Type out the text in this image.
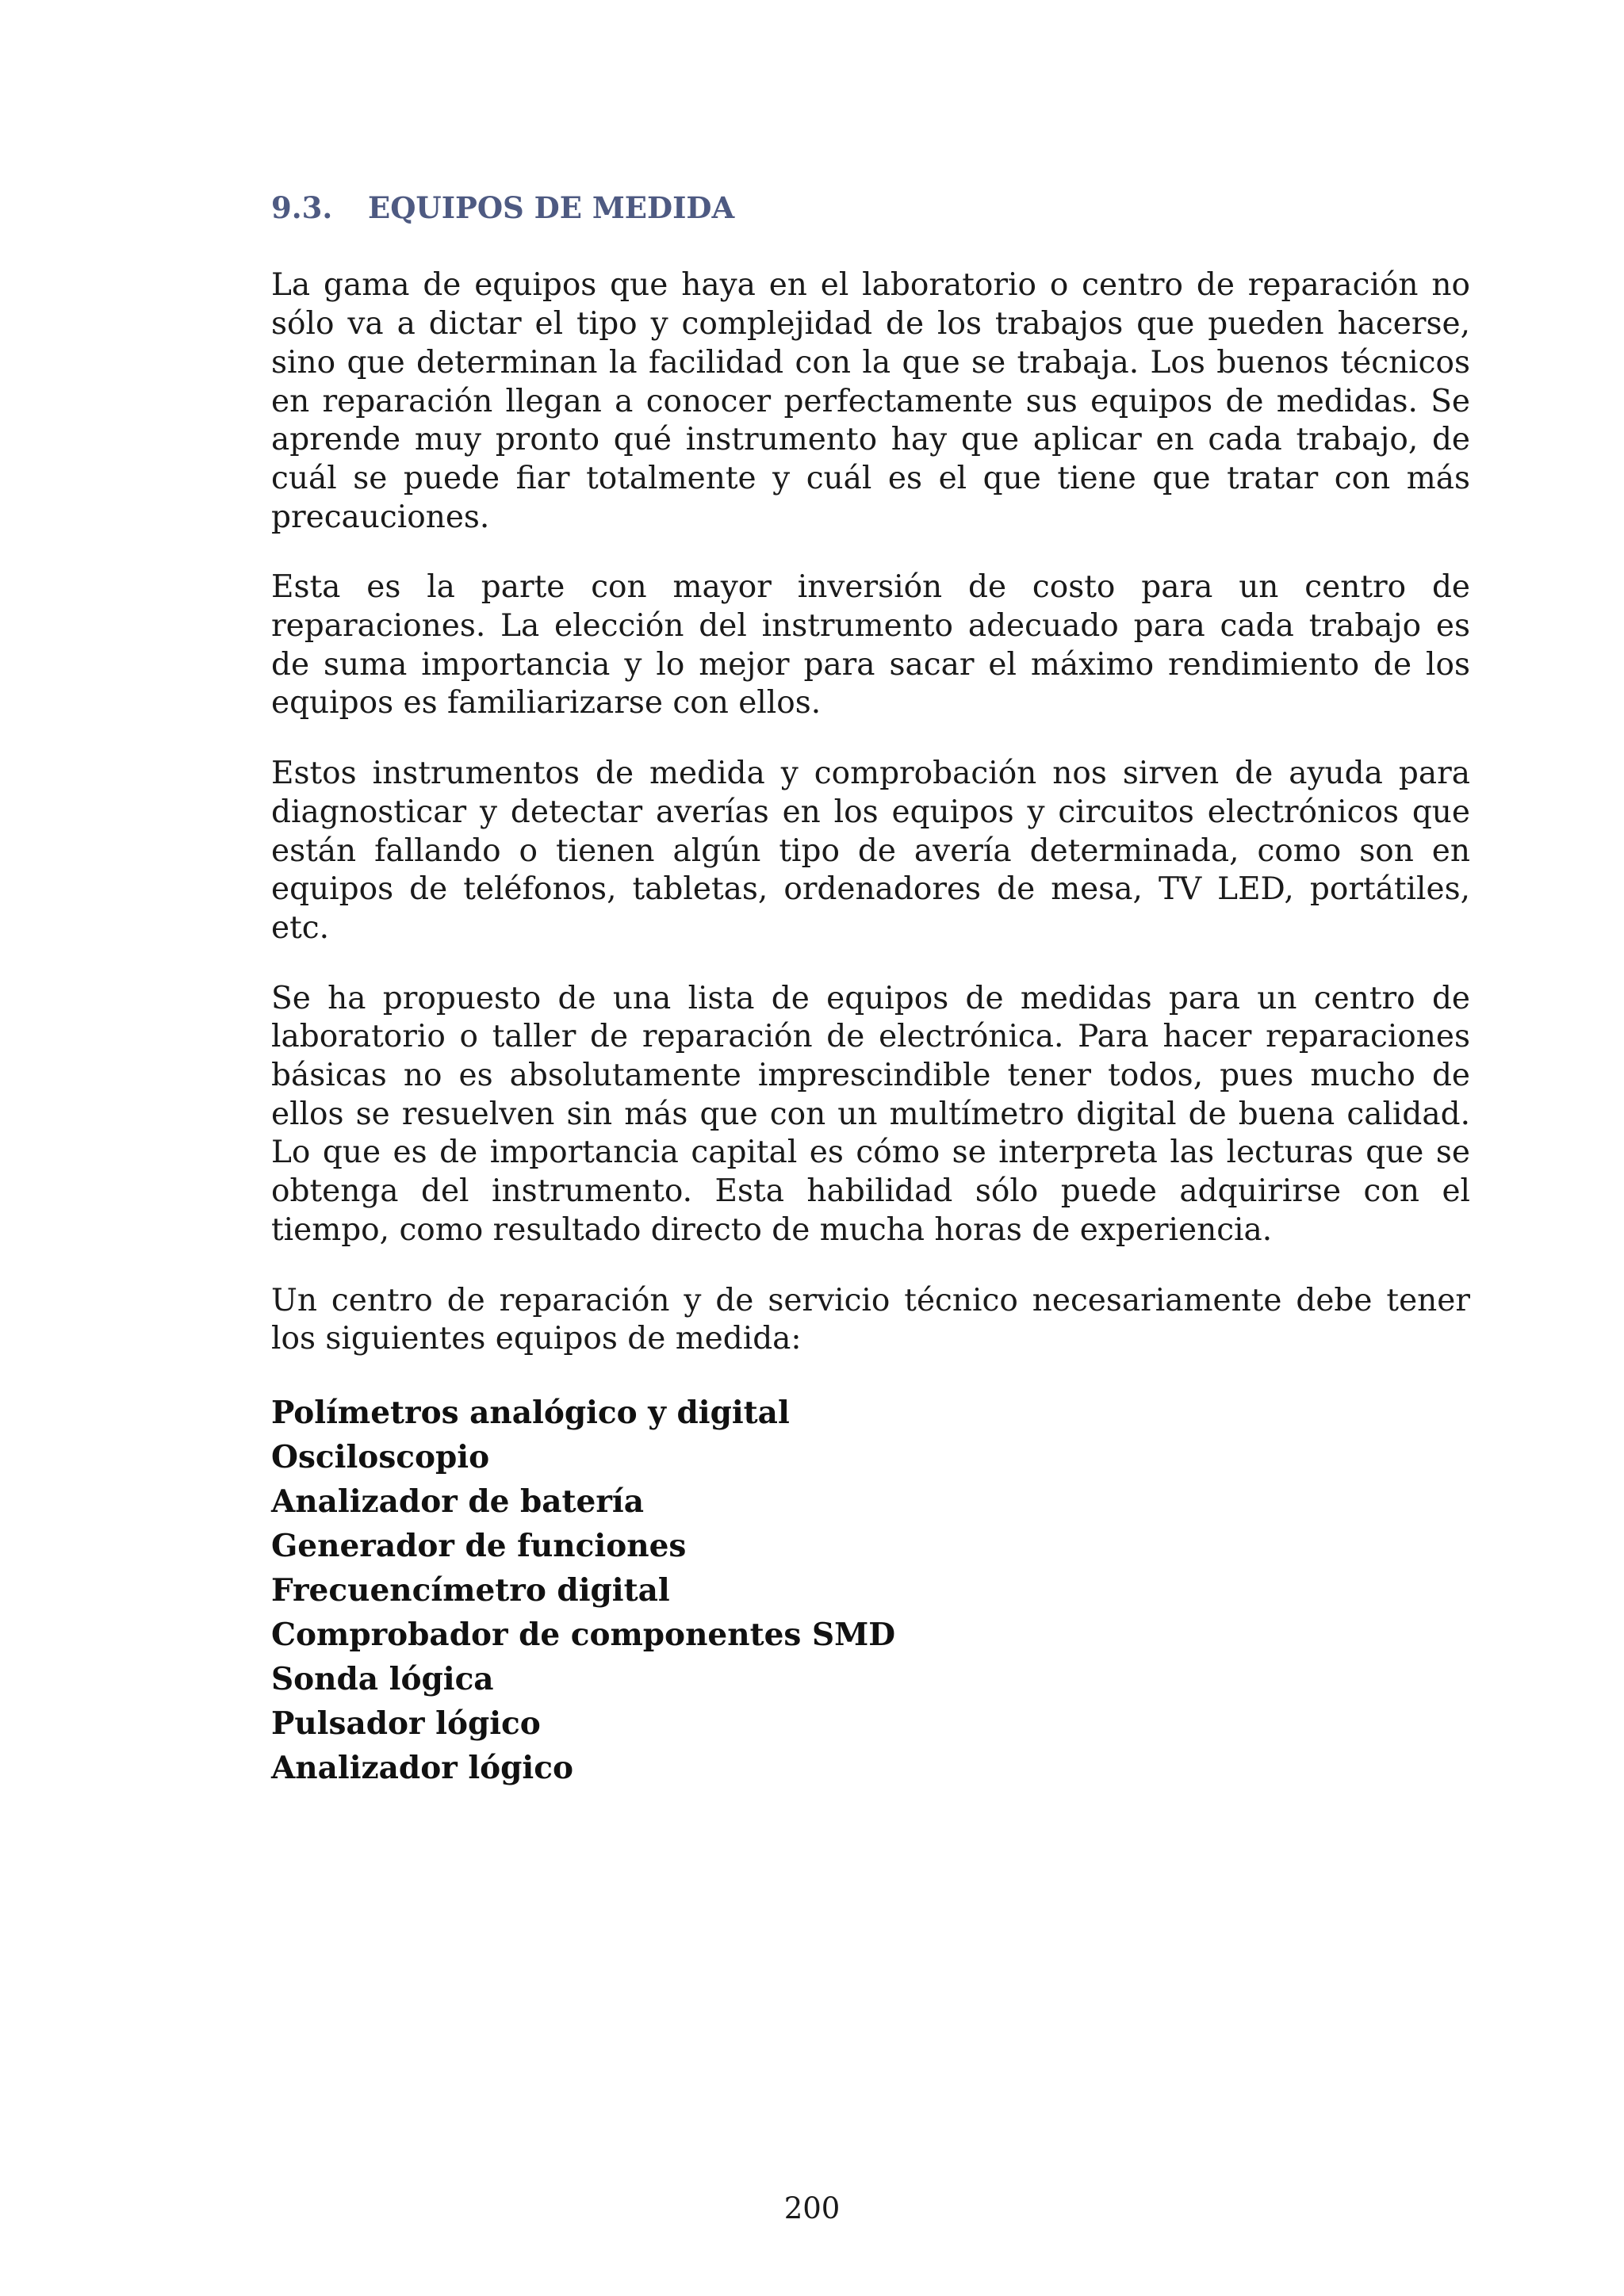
9.3. EQUIPOS DE MEDIDA

La gama de equipos que haya en el laboratorio o centro de reparación no sólo va a dictar el tipo y complejidad de los trabajos que pueden hacerse, sino que determinan la facilidad con la que se trabaja. Los buenos técnicos en reparación llegan a conocer perfectamente sus equipos de medidas. Se aprende muy pronto qué instrumento hay que aplicar en cada trabajo, de cuál se puede fiar totalmente y cuál es el que tiene que tratar con más precauciones.

Esta es la parte con mayor inversión de costo para un centro de reparaciones. La elección del instrumento adecuado para cada trabajo es de suma importancia y lo mejor para sacar el máximo rendimiento de los equipos es familiarizarse con ellos.

Estos instrumentos de medida y comprobación nos sirven de ayuda para diagnosticar y detectar averías en los equipos y circuitos electrónicos que están fallando o tienen algún tipo de avería determinada, como son en equipos de teléfonos, tabletas, ordenadores de mesa, TV LED, portátiles, etc.

Se ha propuesto de una lista de equipos de medidas para un centro de laboratorio o taller de reparación de electrónica. Para hacer reparaciones básicas no es absolutamente imprescindible tener todos, pues mucho de ellos se resuelven sin más que con un multímetro digital de buena calidad. Lo que es de importancia capital es cómo se interpreta las lecturas que se obtenga del instrumento. Esta habilidad sólo puede adquirirse con el tiempo, como resultado directo de mucha horas de experiencia.

Un centro de reparación y de servicio técnico necesariamente debe tener los siguientes equipos de medida:

Polímetros analógico y digital
Osciloscopio
Analizador de batería
Generador de funciones
Frecuencímetro digital
Comprobador de componentes SMD
Sonda lógica
Pulsador lógico
Analizador lógico
200
